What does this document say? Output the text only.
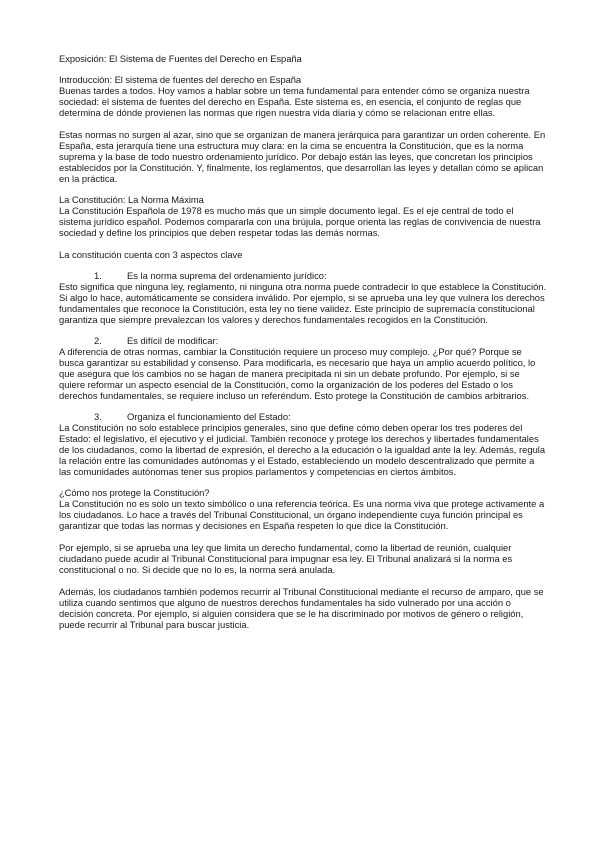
Exposición: El Sistema de Fuentes del Derecho en España

Introducción: El sistema de fuentes del derecho en España

Buenas tardes a todos. Hoy vamos a hablar sobre un tema fundamental para entender cómo se organiza nuestra sociedad: el sistema de fuentes del derecho en España. Este sistema es, en esencia, el conjunto de reglas que determina de dónde provienen las normas que rigen nuestra vida diaria y cómo se relacionan entre ellas.

Estas normas no surgen al azar, sino que se organizan de manera jerárquica para garantizar un orden coherente. En España, esta jerarquía tiene una estructura muy clara: en la cima se encuentra la Constitución, que es la norma suprema y la base de todo nuestro ordenamiento jurídico. Por debajo están las leyes, que concretan los principios establecidos por la Constitución. Y, finalmente, los reglamentos, que desarrollan las leyes y detallan cómo se aplican en la práctica.

La Constitución: La Norma Máxima

La Constitución Española de 1978 es mucho más que un simple documento legal. Es el eje central de todo el sistema jurídico español. Podemos compararla con una brújula, porque orienta las reglas de convivencia de nuestra sociedad y define los principios que deben respetar todas las demás normas.

La constitución cuenta con 3 aspectos clave

1.	Es la norma suprema del ordenamiento jurídico:

Esto significa que ninguna ley, reglamento, ni ninguna otra norma puede contradecir lo que establece la Constitución. Si algo lo hace, automáticamente se considera inválido. Por ejemplo, si se aprueba una ley que vulnera los derechos fundamentales que reconoce la Constitución, esta ley no tiene validez. Este principio de supremacía constitucional garantiza que siempre prevalezcan los valores y derechos fundamentales recogidos en la Constitución.

2.	Es difícil de modificar:

A diferencia de otras normas, cambiar la Constitución requiere un proceso muy complejo. ¿Por qué? Porque se busca garantizar su estabilidad y consenso. Para modificarla, es necesario que haya un amplio acuerdo político, lo que asegura que los cambios no se hagan de manera precipitada ni sin un debate profundo. Por ejemplo, si se quiere reformar un aspecto esencial de la Constitución, como la organización de los poderes del Estado o los derechos fundamentales, se requiere incluso un referéndum. Esto protege la Constitución de cambios arbitrarios.

3.	Organiza el funcionamiento del Estado:

La Constitución no solo establece principios generales, sino que define cómo deben operar los tres poderes del Estado: el legislativo, el ejecutivo y el judicial. También reconoce y protege los derechos y libertades fundamentales de los ciudadanos, como la libertad de expresión, el derecho a la educación o la igualdad ante la ley. Además, regula la relación entre las comunidades autónomas y el Estado, estableciendo un modelo descentralizado que permite a las comunidades autónomas tener sus propios parlamentos y competencias en ciertos ámbitos.

¿Cómo nos protege la Constitución?

La Constitución no es solo un texto simbólico o una referencia teórica. Es una norma viva que protege activamente a los ciudadanos. Lo hace a través del Tribunal Constitucional, un órgano independiente cuya función principal es garantizar que todas las normas y decisiones en España respeten lo que dice la Constitución.

Por ejemplo, si se aprueba una ley que limita un derecho fundamental, como la libertad de reunión, cualquier ciudadano puede acudir al Tribunal Constitucional para impugnar esa ley. El Tribunal analizará si la norma es constitucional o no. Si decide que no lo es, la norma será anulada.

Además, los ciudadanos también podemos recurrir al Tribunal Constitucional mediante el recurso de amparo, que se utiliza cuando sentimos que alguno de nuestros derechos fundamentales ha sido vulnerado por una acción o decisión concreta. Por ejemplo, si alguien considera que se le ha discriminado por motivos de género o religión, puede recurrir al Tribunal para buscar justicia.
